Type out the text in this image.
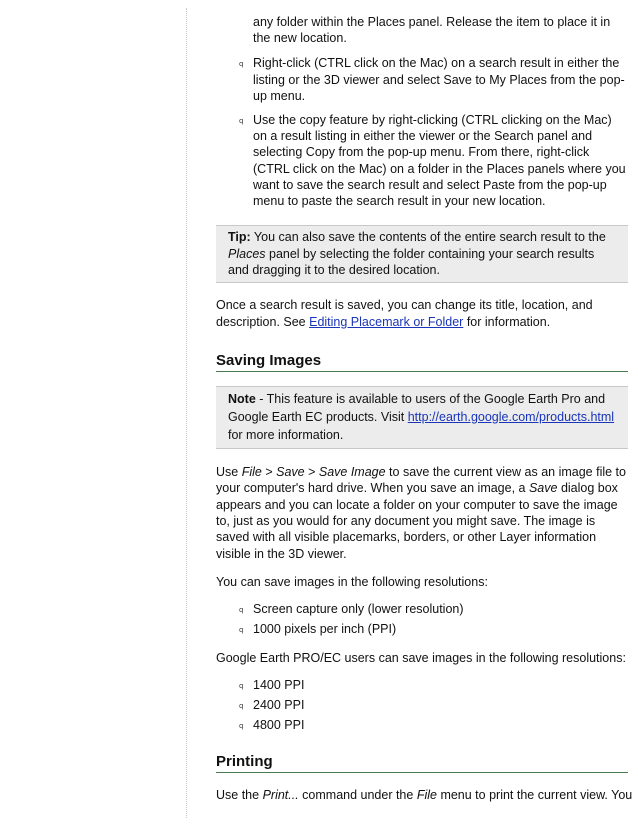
any folder within the Places panel. Release the item to place it in the new location.
q Right-click (CTRL click on the Mac) on a search result in either the listing or the 3D viewer and select Save to My Places from the pop-up menu.
q Use the copy feature by right-clicking (CTRL clicking on the Mac) on a result listing in either the viewer or the Search panel and selecting Copy from the pop-up menu. From there, right-click (CTRL click on the Mac) on a folder in the Places panels where you want to save the search result and select Paste from the pop-up menu to paste the search result in your new location.
Tip: You can also save the contents of the entire search result to the Places panel by selecting the folder containing your search results and dragging it to the desired location.

Once a search result is saved, you can change its title, location, and description. See Editing Placemark or Folder for information.

Saving Images
Note - This feature is available to users of the Google Earth Pro and Google Earth EC products. Visit http://earth.google.com/products.html for more information.

Use File > Save > Save Image to save the current view as an image file to your computer's hard drive. When you save an image, a Save dialog box appears and you can locate a folder on your computer to save the image to, just as you would for any document you might save. The image is saved with all visible placemarks, borders, or other Layer information visible in the 3D viewer.

You can save images in the following resolutions:

q Screen capture only (lower resolution)
q 1000 pixels per inch (PPI)

Google Earth PRO/EC users can save images in the following resolutions:

q 1400 PPI
q 2400 PPI
q 4800 PPI
Printing

Use the Print... command under the File menu to print the current view. You
